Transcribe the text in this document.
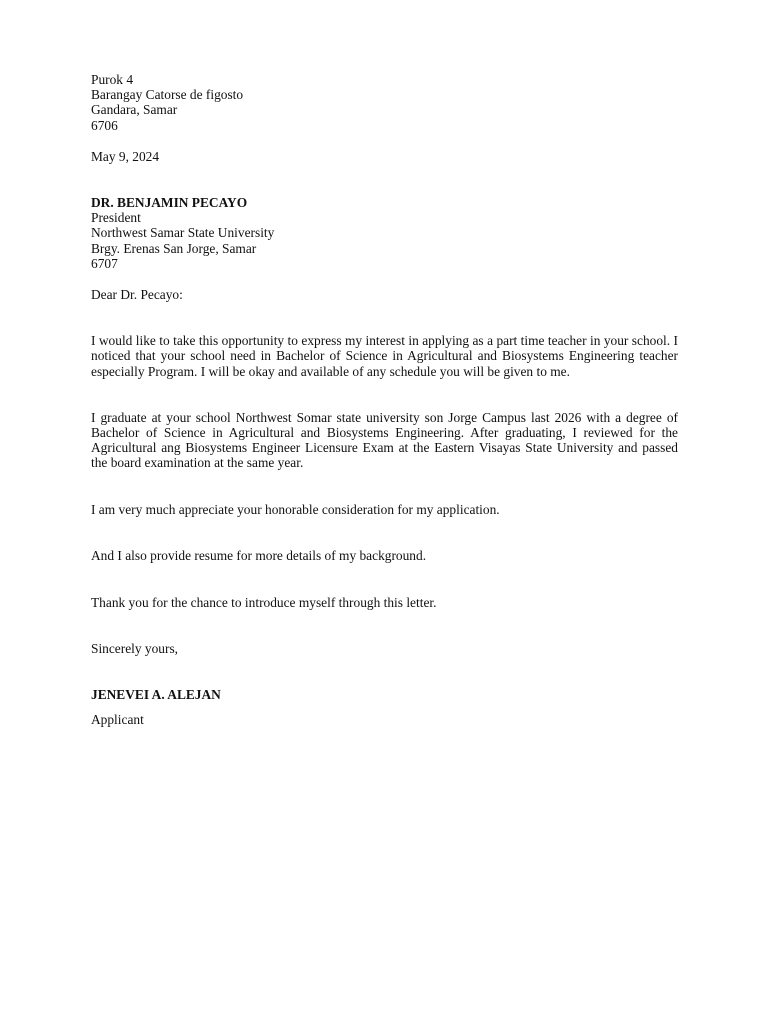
Purok 4
Barangay Catorse de figosto
Gandara, Samar
6706
May 9, 2024
DR. BENJAMIN PECAYO
President
Northwest Samar State University
Brgy. Erenas San Jorge, Samar
6707
Dear Dr. Pecayo:

I would like to take this opportunity to express my interest in applying as a part time teacher in your school. I noticed that your school need in Bachelor of Science in Agricultural and Biosystems Engineering teacher especially Program. I will be okay and available of any schedule you will be given to me.

I graduate at your school Northwest Somar state university son Jorge Campus last 2026 with a degree of Bachelor of Science in Agricultural and Biosystems Engineering. After graduating, I reviewed for the Agricultural ang Biosystems Engineer Licensure Exam at the Eastern Visayas State University and passed the board examination at the same year.

I am very much appreciate your honorable consideration for my application.

And I also provide resume for more details of my background.

Thank you for the chance to introduce myself through this letter.

Sincerely yours,
JENEVEI A. ALEJAN
Applicant
